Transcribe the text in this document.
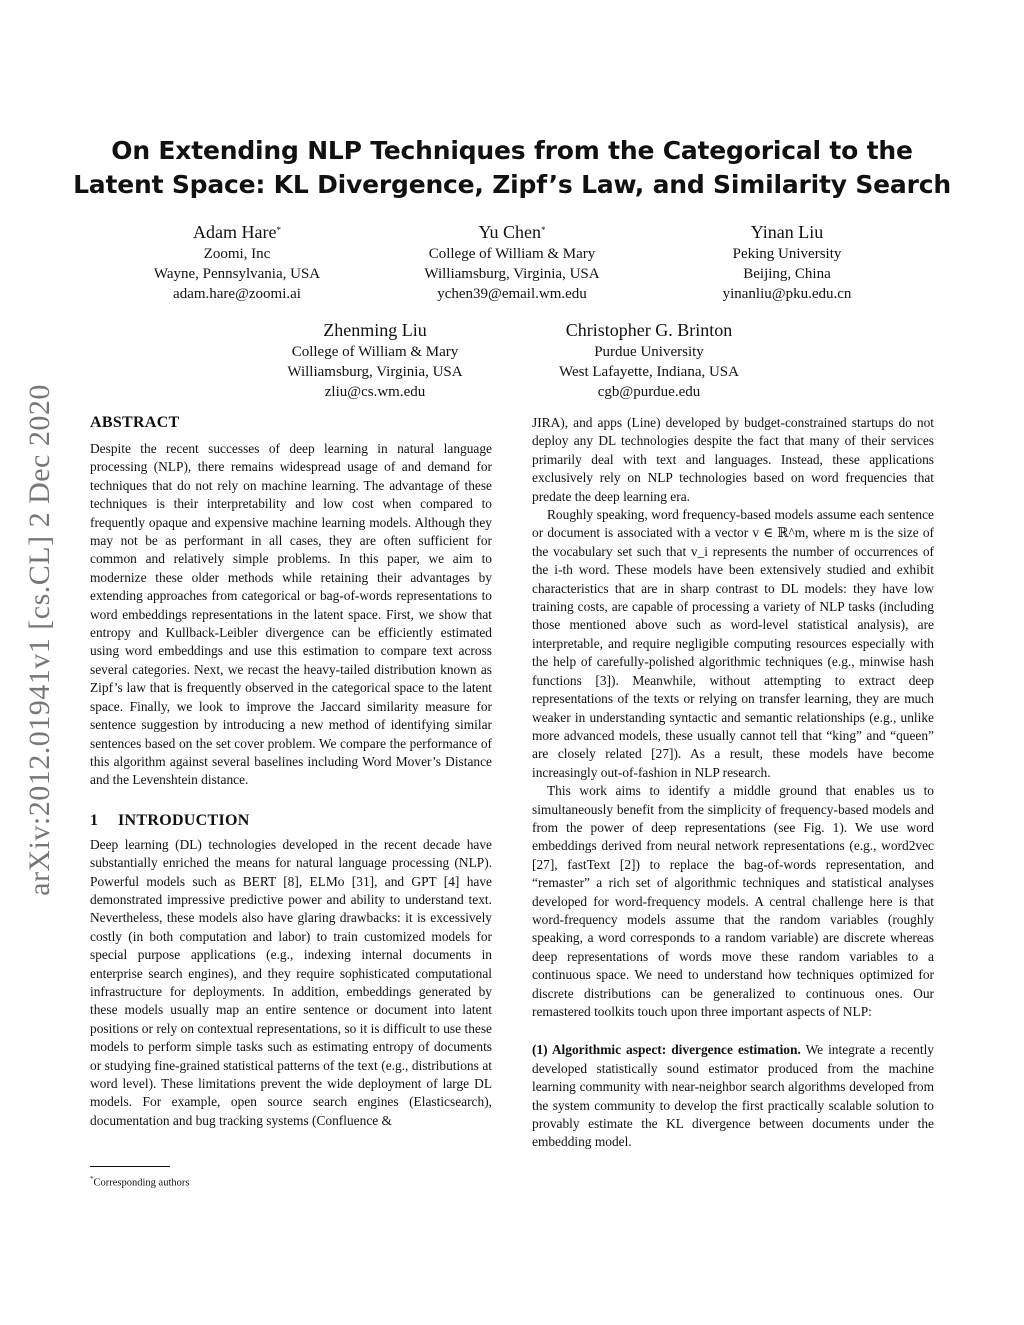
On Extending NLP Techniques from the Categorical to the
Latent Space: KL Divergence, Zipf’s Law, and Similarity Search
Adam Hare*
Zoomi, Inc
Wayne, Pennsylvania, USA
adam.hare@zoomi.ai
Yu Chen*
College of William & Mary
Williamsburg, Virginia, USA
ychen39@email.wm.edu
Yinan Liu
Peking University
Beijing, China
yinanliu@pku.edu.cn
Zhenming Liu
College of William & Mary
Williamsburg, Virginia, USA
zliu@cs.wm.edu
Christopher G. Brinton
Purdue University
West Lafayette, Indiana, USA
cgb@purdue.edu
arXiv:2012.01941v1 [cs.CL] 2 Dec 2020 ABSTRACT

Despite the recent successes of deep learning in natural language processing (NLP), there remains widespread usage of and demand for techniques that do not rely on machine learning. The advantage of these techniques is their interpretability and low cost when compared to frequently opaque and expensive machine learning models. Although they may not be as performant in all cases, they are often sufficient for common and relatively simple problems. In this paper, we aim to modernize these older methods while retaining their advantages by extending approaches from categorical or bag-of-words representations to word embeddings representations in the latent space. First, we show that entropy and Kullback-Leibler divergence can be efficiently estimated using word embeddings and use this estimation to compare text across several categories. Next, we recast the heavy-tailed distribution known as Zipf’s law that is frequently observed in the categorical space to the latent space. Finally, we look to improve the Jaccard similarity measure for sentence suggestion by introducing a new method of identifying similar sentences based on the set cover problem. We compare the performance of this algorithm against several baselines including Word Mover’s Distance and the Levenshtein distance.

1 INTRODUCTION

Deep learning (DL) technologies developed in the recent decade have substantially enriched the means for natural language processing (NLP). Powerful models such as BERT [8], ELMo [31], and GPT [4] have demonstrated impressive predictive power and ability to understand text. Nevertheless, these models also have glaring drawbacks: it is excessively costly (in both computation and labor) to train customized models for special purpose applications (e.g., indexing internal documents in enterprise search engines), and they require sophisticated computational infrastructure for deployments. In addition, embeddings generated by these models usually map an entire sentence or document into latent positions or rely on contextual representations, so it is difficult to use these models to perform simple tasks such as estimating entropy of documents or studying fine-grained statistical patterns of the text (e.g., distributions at word level). These limitations prevent the wide deployment of large DL models. For example, open source search engines (Elasticsearch), documentation and bug tracking systems (Confluence &

*Corresponding authors

JIRA), and apps (Line) developed by budget-constrained startups do not deploy any DL technologies despite the fact that many of their services primarily deal with text and languages. Instead, these applications exclusively rely on NLP technologies based on word frequencies that predate the deep learning era.

Roughly speaking, word frequency-based models assume each sentence or document is associated with a vector v ∈ ℝ^m, where m is the size of the vocabulary set such that v_i represents the number of occurrences of the i-th word. These models have been extensively studied and exhibit characteristics that are in sharp contrast to DL models: they have low training costs, are capable of processing a variety of NLP tasks (including those mentioned above such as word-level statistical analysis), are interpretable, and require negligible computing resources especially with the help of carefully-polished algorithmic techniques (e.g., minwise hash functions [3]). Meanwhile, without attempting to extract deep representations of the texts or relying on transfer learning, they are much weaker in understanding syntactic and semantic relationships (e.g., unlike more advanced models, these usually cannot tell that “king” and “queen” are closely related [27]). As a result, these models have become increasingly out-of-fashion in NLP research.

This work aims to identify a middle ground that enables us to simultaneously benefit from the simplicity of frequency-based models and from the power of deep representations (see Fig. 1). We use word embeddings derived from neural network representations (e.g., word2vec [27], fastText [2]) to replace the bag-of-words representation, and “remaster” a rich set of algorithmic techniques and statistical analyses developed for word-frequency models. A central challenge here is that word-frequency models assume that the random variables (roughly speaking, a word corresponds to a random variable) are discrete whereas deep representations of words move these random variables to a continuous space. We need to understand how techniques optimized for discrete distributions can be generalized to continuous ones. Our remastered toolkits touch upon three important aspects of NLP:

(1) Algorithmic aspect: divergence estimation. We integrate a recently developed statistically sound estimator produced from the machine learning community with near-neighbor search algorithms developed from the system community to develop the first practically scalable solution to provably estimate the KL divergence between documents under the embedding model.
